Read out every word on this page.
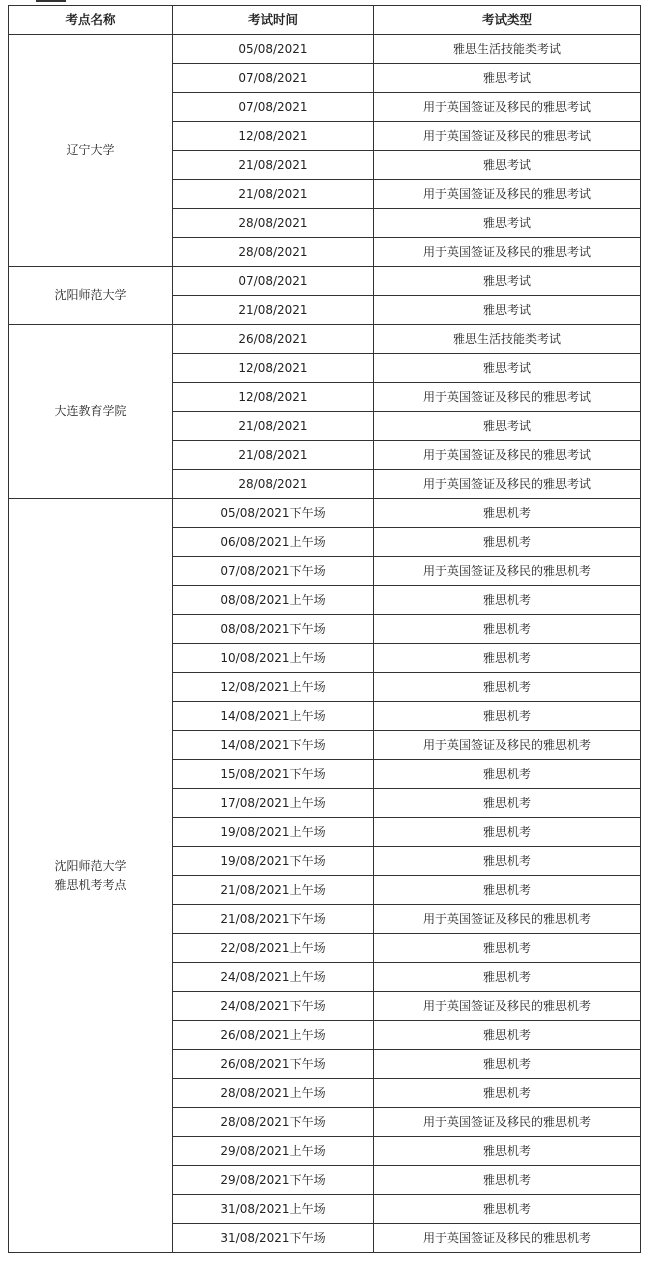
考点名称	考试时间	考试类型
辽宁大学	05/08/2021	雅思生活技能类考试
	07/08/2021	雅思考试
	07/08/2021	用于英国签证及移民的雅思考试
	12/08/2021	用于英国签证及移民的雅思考试
	21/08/2021	雅思考试
	21/08/2021	用于英国签证及移民的雅思考试
	28/08/2021	雅思考试
	28/08/2021	用于英国签证及移民的雅思考试
沈阳师范大学	07/08/2021	雅思考试
	21/08/2021	雅思考试
大连教育学院	26/08/2021	雅思生活技能类考试
	12/08/2021	雅思考试
	12/08/2021	用于英国签证及移民的雅思考试
	21/08/2021	雅思考试
	21/08/2021	用于英国签证及移民的雅思考试
	28/08/2021	用于英国签证及移民的雅思考试
沈阳师范大学
雅思机考考点	05/08/2021下午场	雅思机考
	06/08/2021上午场	雅思机考
	07/08/2021下午场	用于英国签证及移民的雅思机考
	08/08/2021上午场	雅思机考
	08/08/2021下午场	雅思机考
	10/08/2021上午场	雅思机考
	12/08/2021上午场	雅思机考
	14/08/2021上午场	雅思机考
	14/08/2021下午场	用于英国签证及移民的雅思机考
	15/08/2021下午场	雅思机考
	17/08/2021上午场	雅思机考
	19/08/2021上午场	雅思机考
	19/08/2021下午场	雅思机考
	21/08/2021上午场	雅思机考
	21/08/2021下午场	用于英国签证及移民的雅思机考
	22/08/2021上午场	雅思机考
	24/08/2021上午场	雅思机考
	24/08/2021下午场	用于英国签证及移民的雅思机考
	26/08/2021上午场	雅思机考
	26/08/2021下午场	雅思机考
	28/08/2021上午场	雅思机考
	28/08/2021下午场	用于英国签证及移民的雅思机考
	29/08/2021上午场	雅思机考
	29/08/2021下午场	雅思机考
	31/08/2021上午场	雅思机考
	31/08/2021下午场	用于英国签证及移民的雅思机考
